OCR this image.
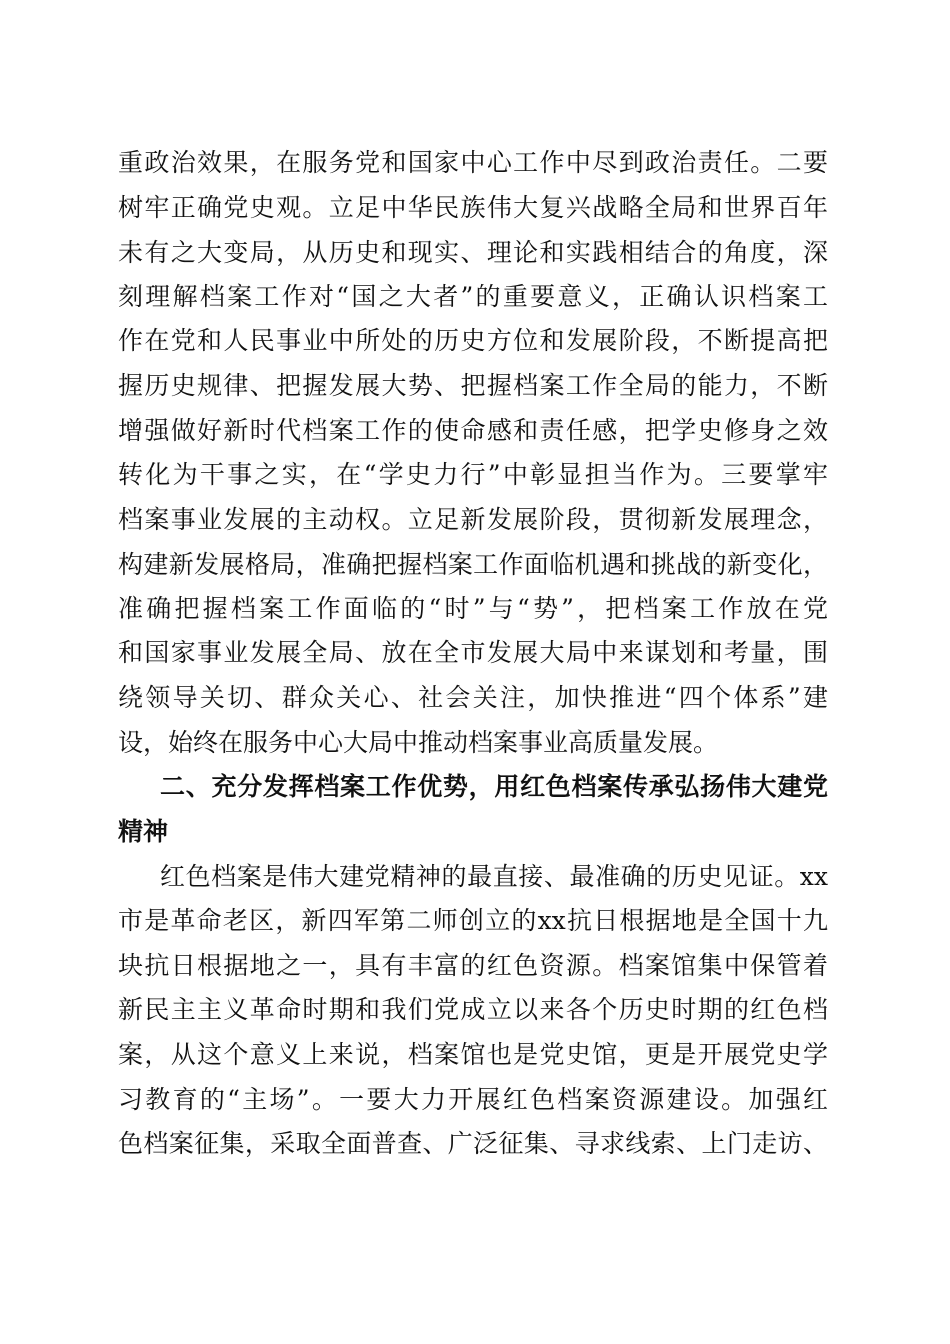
重政治效果，在服务党和国家中心工作中尽到政治责任。二要
树牢正确党史观。立足中华民族伟大复兴战略全局和世界百年
未有之大变局，从历史和现实、理论和实践相结合的角度，深
刻理解档案工作对“国之大者”的重要意义，正确认识档案工
作在党和人民事业中所处的历史方位和发展阶段，不断提高把
握历史规律、把握发展大势、把握档案工作全局的能力，不断
增强做好新时代档案工作的使命感和责任感，把学史修身之效
转化为干事之实，在“学史力行”中彰显担当作为。三要掌牢
档案事业发展的主动权。立足新发展阶段，贯彻新发展理念，
构建新发展格局，准确把握档案工作面临机遇和挑战的新变化，
准确把握档案工作面临的“时”与“势”，把档案工作放在党
和国家事业发展全局、放在全市发展大局中来谋划和考量，围
绕领导关切、群众关心、社会关注，加快推进“四个体系”建
设，始终在服务中心大局中推动档案事业高质量发展。
二、充分发挥档案工作优势，用红色档案传承弘扬伟大建党
精神
红色档案是伟大建党精神的最直接、最准确的历史见证。xx
市是革命老区，新四军第二师创立的xx抗日根据地是全国十九
块抗日根据地之一，具有丰富的红色资源。档案馆集中保管着
新民主主义革命时期和我们党成立以来各个历史时期的红色档
案，从这个意义上来说，档案馆也是党史馆，更是开展党史学
习教育的“主场”。一要大力开展红色档案资源建设。加强红
色档案征集，采取全面普查、广泛征集、寻求线索、上门走访、
